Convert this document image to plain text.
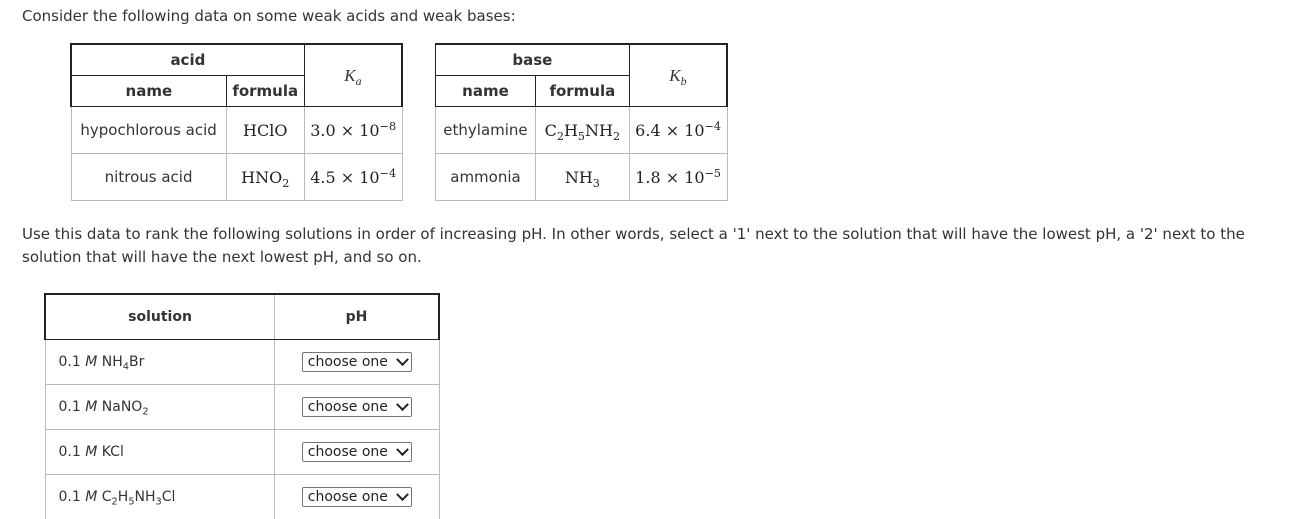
Consider the following data on some weak acids and weak bases:
acid		$K_a$
name	formula	
hypochlorous acid	HClO	$3.0 \times 10^{-8}$
nitrous acid	$HNO_2$	$4.5 \times 10^{-4}$
base		$K_b$
name	formula	
ethylamine	$C_2H_5NH_2$	$6.4 \times 10^{-4}$
ammonia	$NH_3$	$1.8 \times 10^{-5}$
Use this data to rank the following solutions in order of increasing pH. In other words, select a '1' next to the solution that will have the lowest pH, a '2' next to the solution that will have the next lowest pH, and so on.
solution	pH
0.1 M $NH_4Br$	choose one

0.1 M NaNO$_2$	choose one

0.1 M KCl	choose one

0.1 M $C_2H_5NH_3Cl$	choose one
